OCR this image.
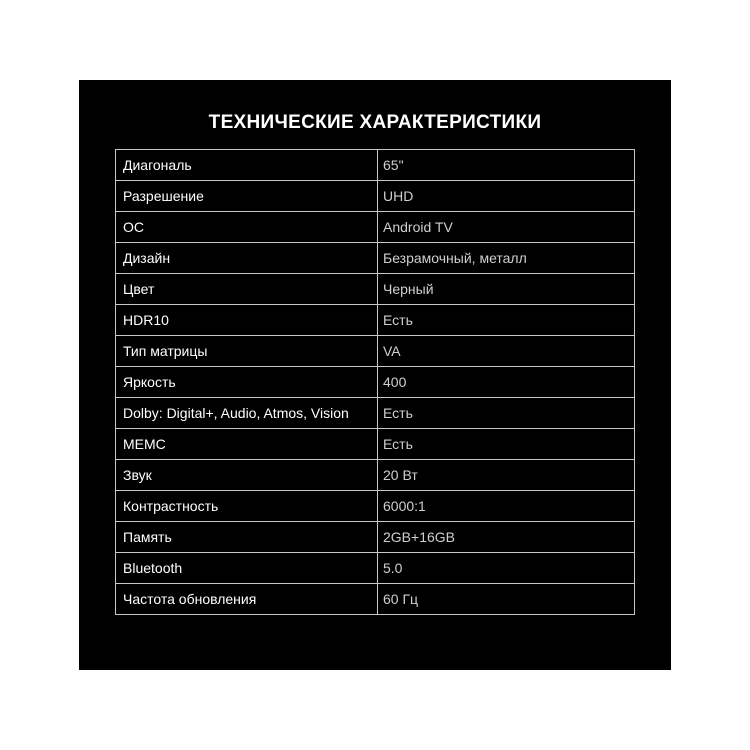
ТЕХНИЧЕСКИЕ ХАРАКТЕРИСТИКИ
Диагональ	65"
Разрешение	UHD
ОС	Android TV
Дизайн	Безрамочный, металл
Цвет	Черный
HDR10	Есть
Тип матрицы	VA
Яркость	400
Dolby: Digital+, Audio, Atmos, Vision	Есть
MEMC	Есть
Звук	20 Вт
Контрастность	6000:1
Память	2GB+16GB
Bluetooth	5.0
Частота обновления	60 Гц
